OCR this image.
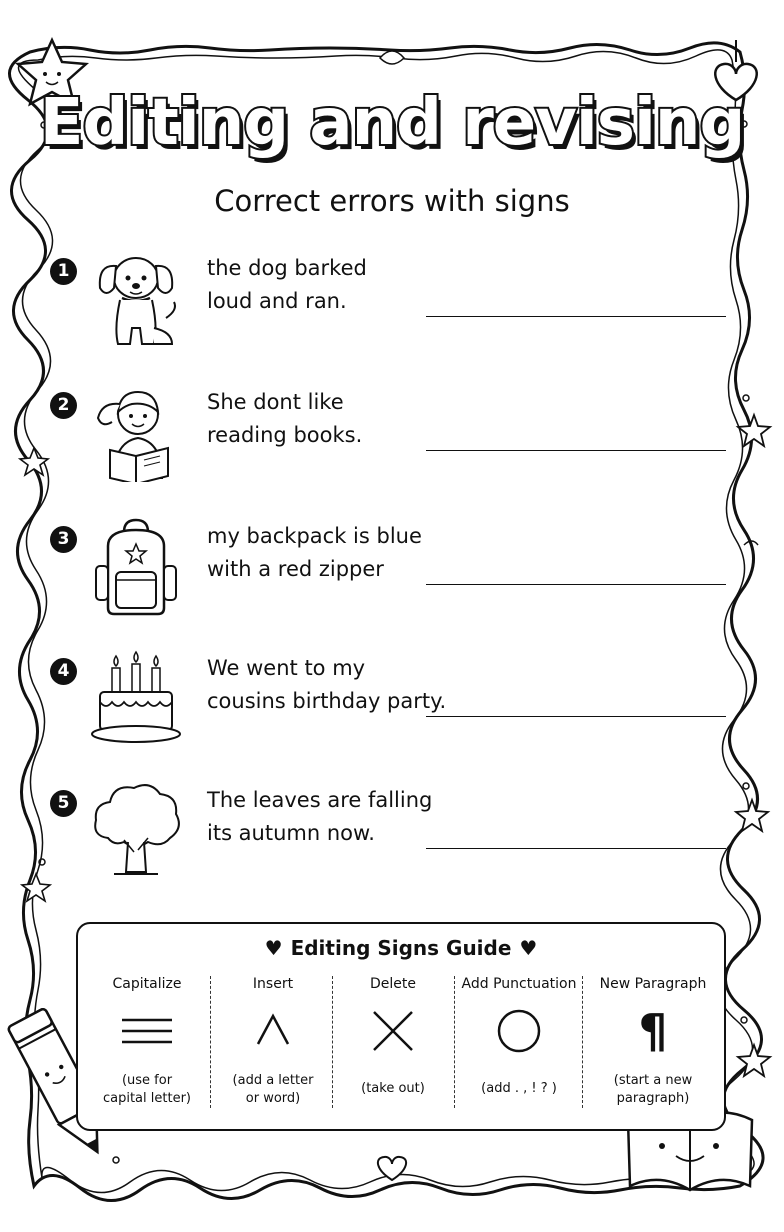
Editing and revising
Correct errors with signs
1	the dog barked
loud and ran.
2	She dont like
reading books.
3	my backpack is blue
with a red zipper
4	We went to my
cousins birthday party.
5	The leaves are falling
its autumn now.
♥ Editing Signs Guide ♥
Capitalize
(use for
capital letter)
Insert
(add a letter
or word)
Delete
(take out)
Add Punctuation
(add . , ! ? )
New Paragraph
¶
(start a new
paragraph)
